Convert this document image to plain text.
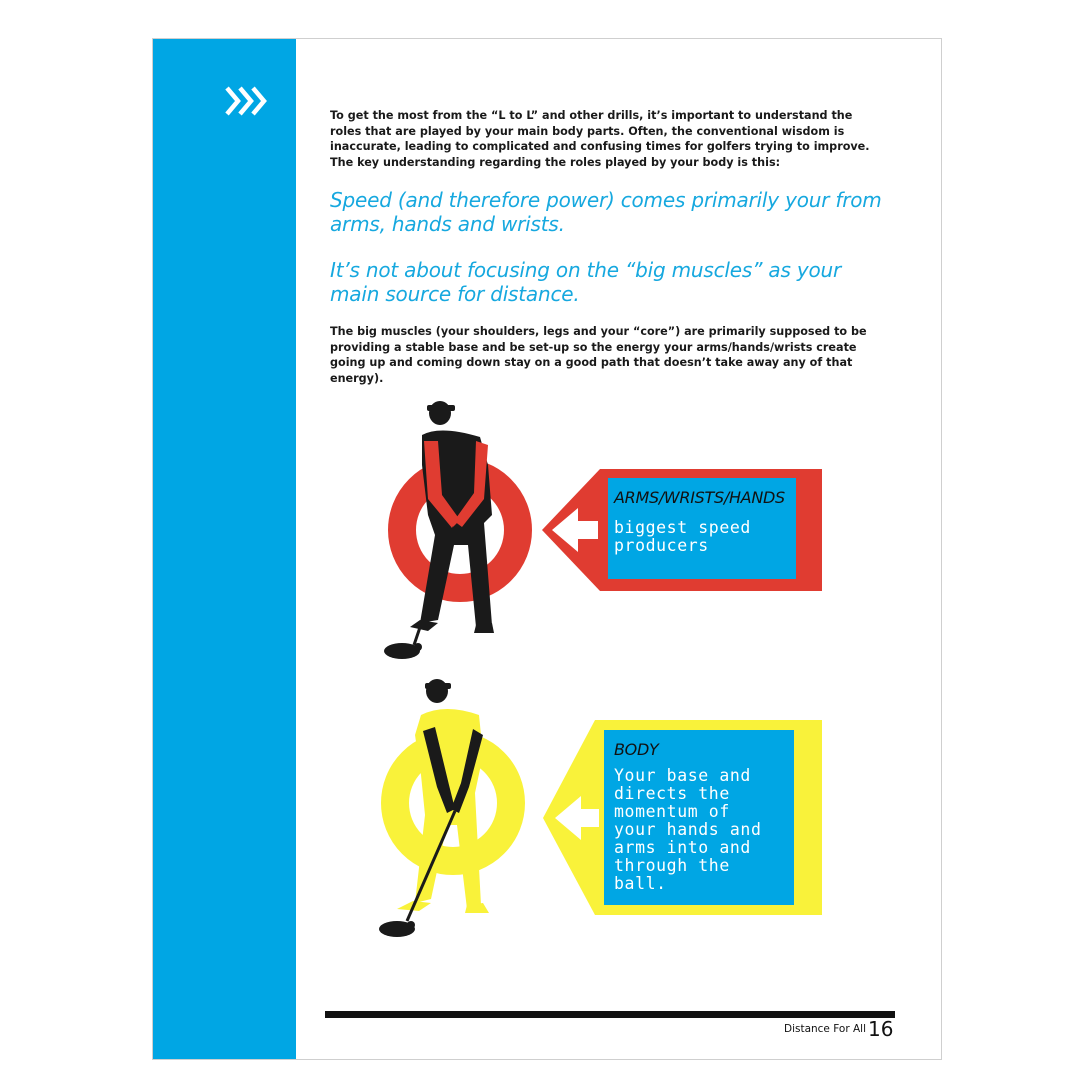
To get the most from the “L to L” and other drills, it’s important to understand the roles that are played by your main body parts. Often, the conventional wisdom is inaccurate, leading to complicated and confusing times for golfers trying to improve. The key understanding regarding the roles played by your body is this:

Speed (and therefore power) comes primarily your from arms, hands and wrists.

It’s not about focusing on the “big muscles” as your main source for distance.

The big muscles (your shoulders, legs and your “core”) are primarily supposed to be providing a stable base and be set-up so the energy your arms/hands/wrists create going up and coming down stay on a good path that doesn’t take away any of that energy).

ARMS/WRISTS/HANDS
biggest speed
producers
BODY
Your base and
directs the
momentum of
your hands and
arms into and
through the
ball.
Distance For All 16
